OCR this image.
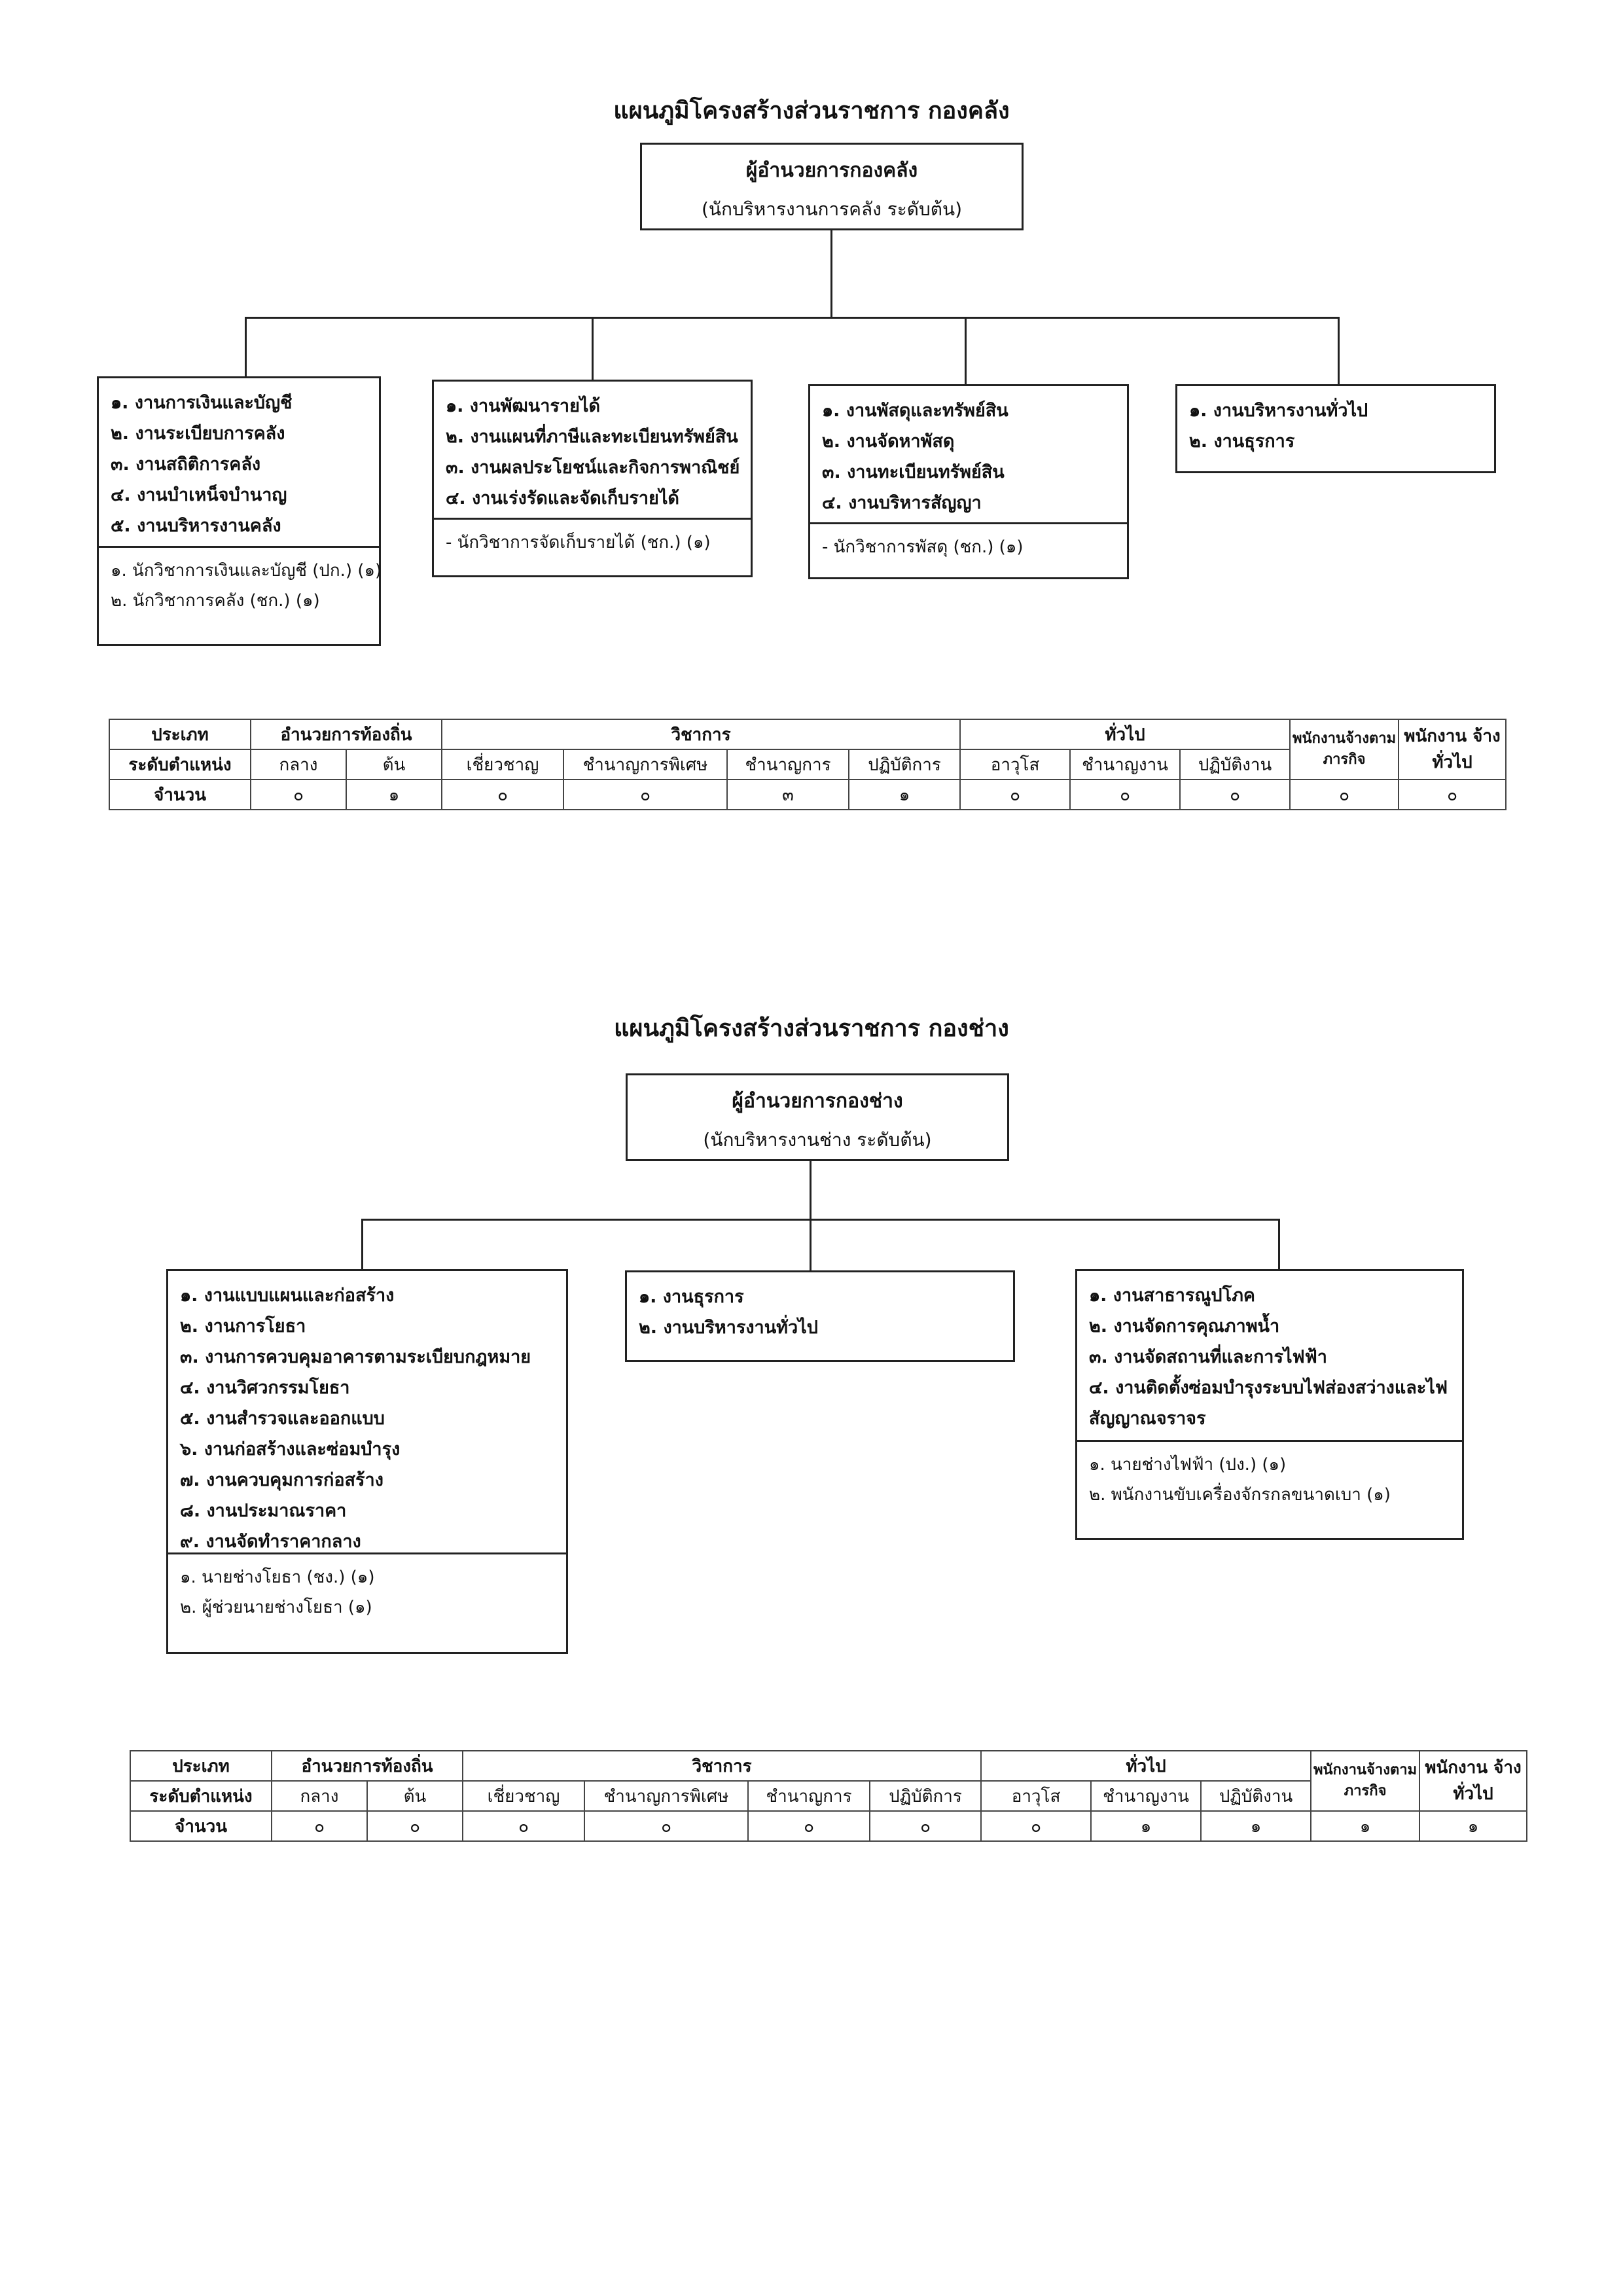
แผนภูมิโครงสร้างส่วนราชการ กองคลัง
ผู้อำนวยการกองคลัง
(นักบริหารงานการคลัง ระดับต้น)
๑. งานการเงินและบัญชี
๒. งานระเบียบการคลัง
๓. งานสถิติการคลัง
๔. งานบำเหน็จบำนาญ
๕. งานบริหารงานคลัง
๑. นักวิชาการเงินและบัญชี (ปก.) (๑)
๒. นักวิชาการคลัง (ชก.) (๑)
๑. งานพัฒนารายได้
๒. งานแผนที่ภาษีและทะเบียนทรัพย์สิน
๓. งานผลประโยชน์และกิจการพาณิชย์
๔. งานเร่งรัดและจัดเก็บรายได้
- นักวิชาการจัดเก็บรายได้ (ชก.) (๑)
๑. งานพัสดุและทรัพย์สิน
๒. งานจัดหาพัสดุ
๓. งานทะเบียนทรัพย์สิน
๔. งานบริหารสัญญา
- นักวิชาการพัสดุ (ชก.) (๑)
๑. งานบริหารงานทั่วไป
๒. งานธุรการ
ประเภท	อำนวยการท้องถิ่น		วิชาการ				ทั่วไป			พนักงานจ้างตามภารกิจ	พนักงาน จ้างทั่วไป
ระดับตำแหน่ง	กลาง	ต้น	เชี่ยวชาญ	ชำนาญการพิเศษ	ชำนาญการ	ปฏิบัติการ	อาวุโส	ชำนาญงาน	ปฏิบัติงาน		
จำนวน	๐	๑	๐	๐	๓	๑	๐	๐	๐	๐	๐
แผนภูมิโครงสร้างส่วนราชการ กองช่าง
ผู้อำนวยการกองช่าง
(นักบริหารงานช่าง ระดับต้น)
๑. งานแบบแผนและก่อสร้าง
๒. งานการโยธา
๓. งานการควบคุมอาคารตามระเบียบกฎหมาย
๔. งานวิศวกรรมโยธา
๕. งานสำรวจและออกแบบ
๖. งานก่อสร้างและซ่อมบำรุง
๗. งานควบคุมการก่อสร้าง
๘. งานประมาณราคา
๙. งานจัดทำราคากลาง
๑. นายช่างโยธา (ชง.) (๑)
๒. ผู้ช่วยนายช่างโยธา (๑)
๑. งานธุรการ
๒. งานบริหารงานทั่วไป
๑. งานสาธารณูปโภค
๒. งานจัดการคุณภาพน้ำ
๓. งานจัดสถานที่และการไฟฟ้า
๔. งานติดตั้งซ่อมบำรุงระบบไฟส่องสว่างและไฟสัญญาณจราจร
๑. นายช่างไฟฟ้า (ปง.) (๑)
๒. พนักงานขับเครื่องจักรกลขนาดเบา (๑)
ประเภท	อำนวยการท้องถิ่น		วิชาการ				ทั่วไป			พนักงานจ้างตามภารกิจ	พนักงาน จ้างทั่วไป
ระดับตำแหน่ง	กลาง	ต้น	เชี่ยวชาญ	ชำนาญการพิเศษ	ชำนาญการ	ปฏิบัติการ	อาวุโส	ชำนาญงาน	ปฏิบัติงาน		
จำนวน	๐	๐	๐	๐	๐	๐	๐	๑	๑	๑	๑
